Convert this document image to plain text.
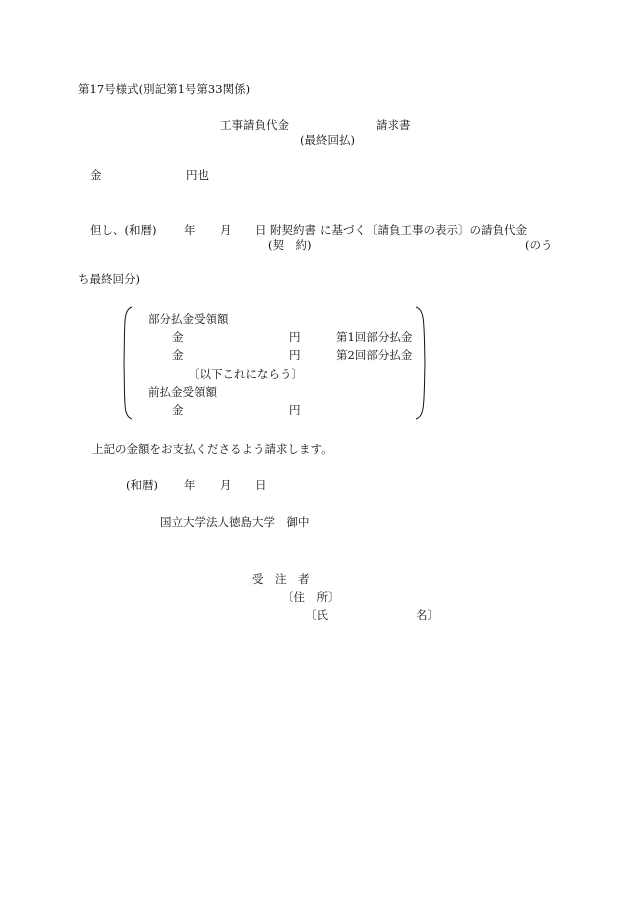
第17号様式(別記第1号第33関係)
工事請負代金	請求書
(最終回払)
金	円也
但し、(和暦) 年 月 日 附契約書
(契　約)
に基づく〔請負工事の表示〕の請負代金
(のう
ち最終回分)
部分払金受領額
金	円	第1回部分払金
金	円	第2回部分払金
〔以下これにならう〕
前払金受領額
金	円
上記の金額をお支払くださるよう請求します。
(和暦) 年 月 日
国立大学法人徳島大学　御中
受　注　者
〔住　所〕
〔氏	名〕
